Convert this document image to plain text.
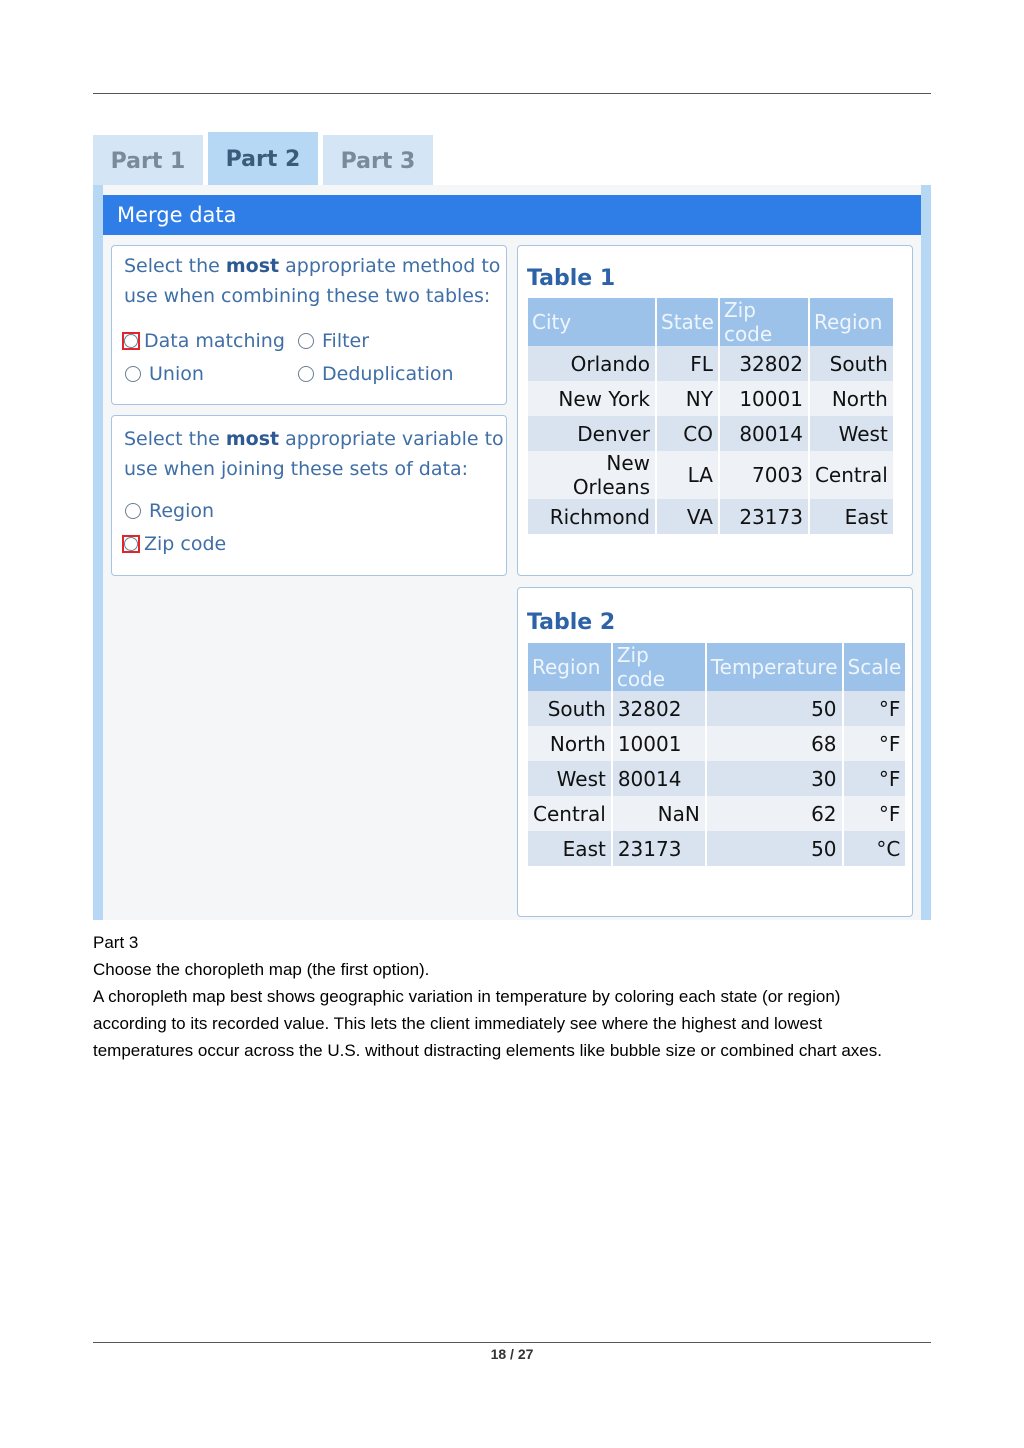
Part 1	Part 2	Part 3
Merge data
Select the most appropriate method to
use when combining these two tables:
Data matching Filter
Union	Deduplication
Select the most appropriate variable to
use when joining these sets of data:
Region
Zip code
Table 1
City	State	Zip code	Region
Orlando	FL	32802	South
New York	NY	10001	North
Denver	CO	80014	West
New Orleans	LA	7003	Central
Richmond	VA	23173	East
Table 2
Region	Zip code	Temperature	Scale
South	32802	50	°F
North	10001	68	°F
West	80014	30	°F
Central	NaN	62	°F
East	23173	50	°C
Part 3
Choose the choropleth map (the first option).
A choropleth map best shows geographic variation in temperature by coloring each state (or region)
according to its recorded value. This lets the client immediately see where the highest and lowest
temperatures occur across the U.S. without distracting elements like bubble size or combined chart axes.
18 / 27
